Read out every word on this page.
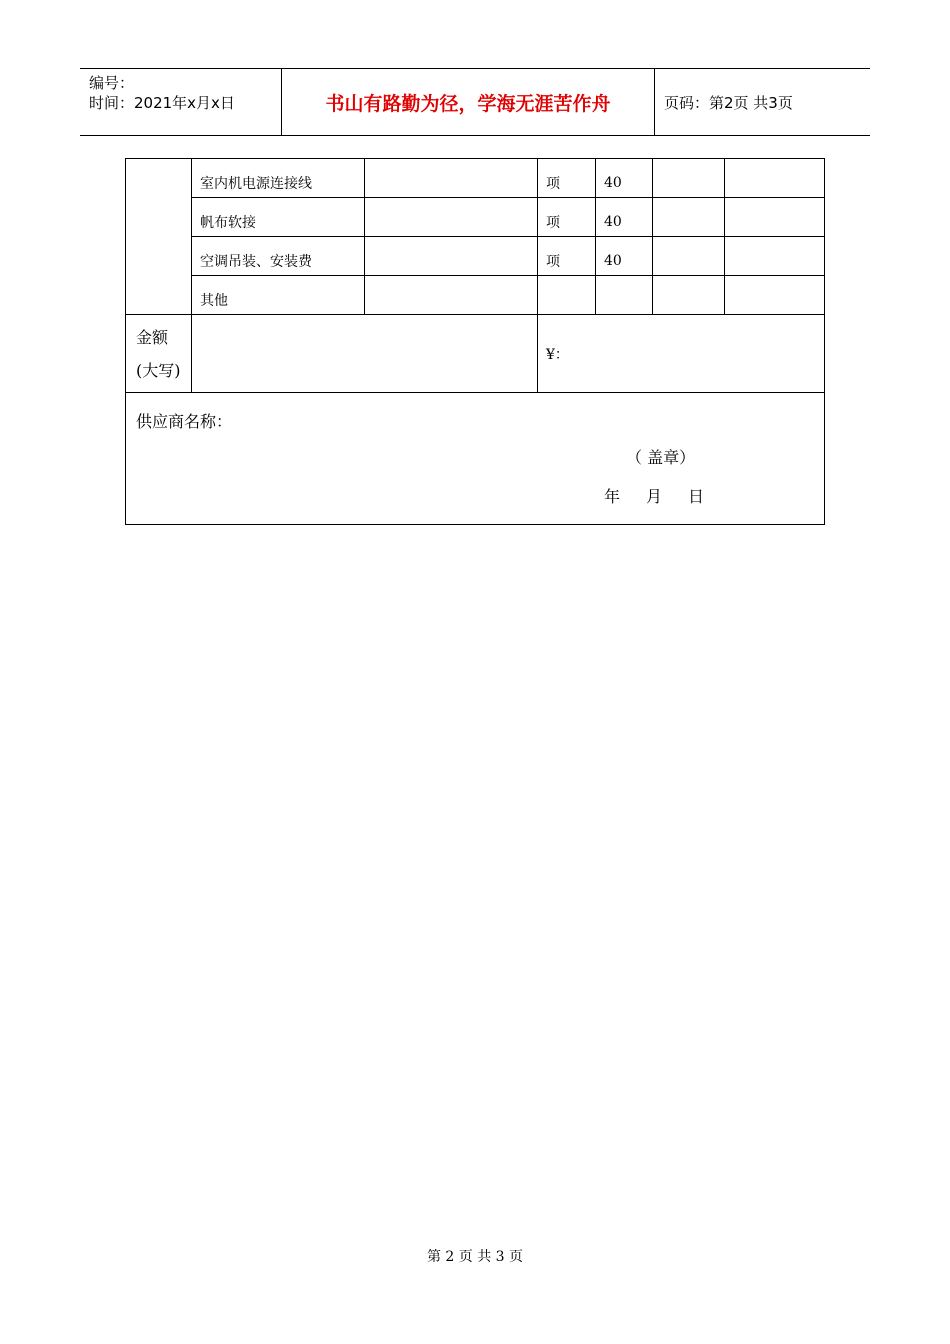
编号：
时间：2021年x月x日	书山有路勤为径，学海无涯苦作舟	页码：第2页 共3页
	室内机电源连接线		项	40		
	帆布软接		项	40		
	空调吊装、安装费		项	40		
	其他					

金额
(大写)			¥：			
供应商名称：
（ 盖章）
年 月 日						
第 2 页 共 3 页
